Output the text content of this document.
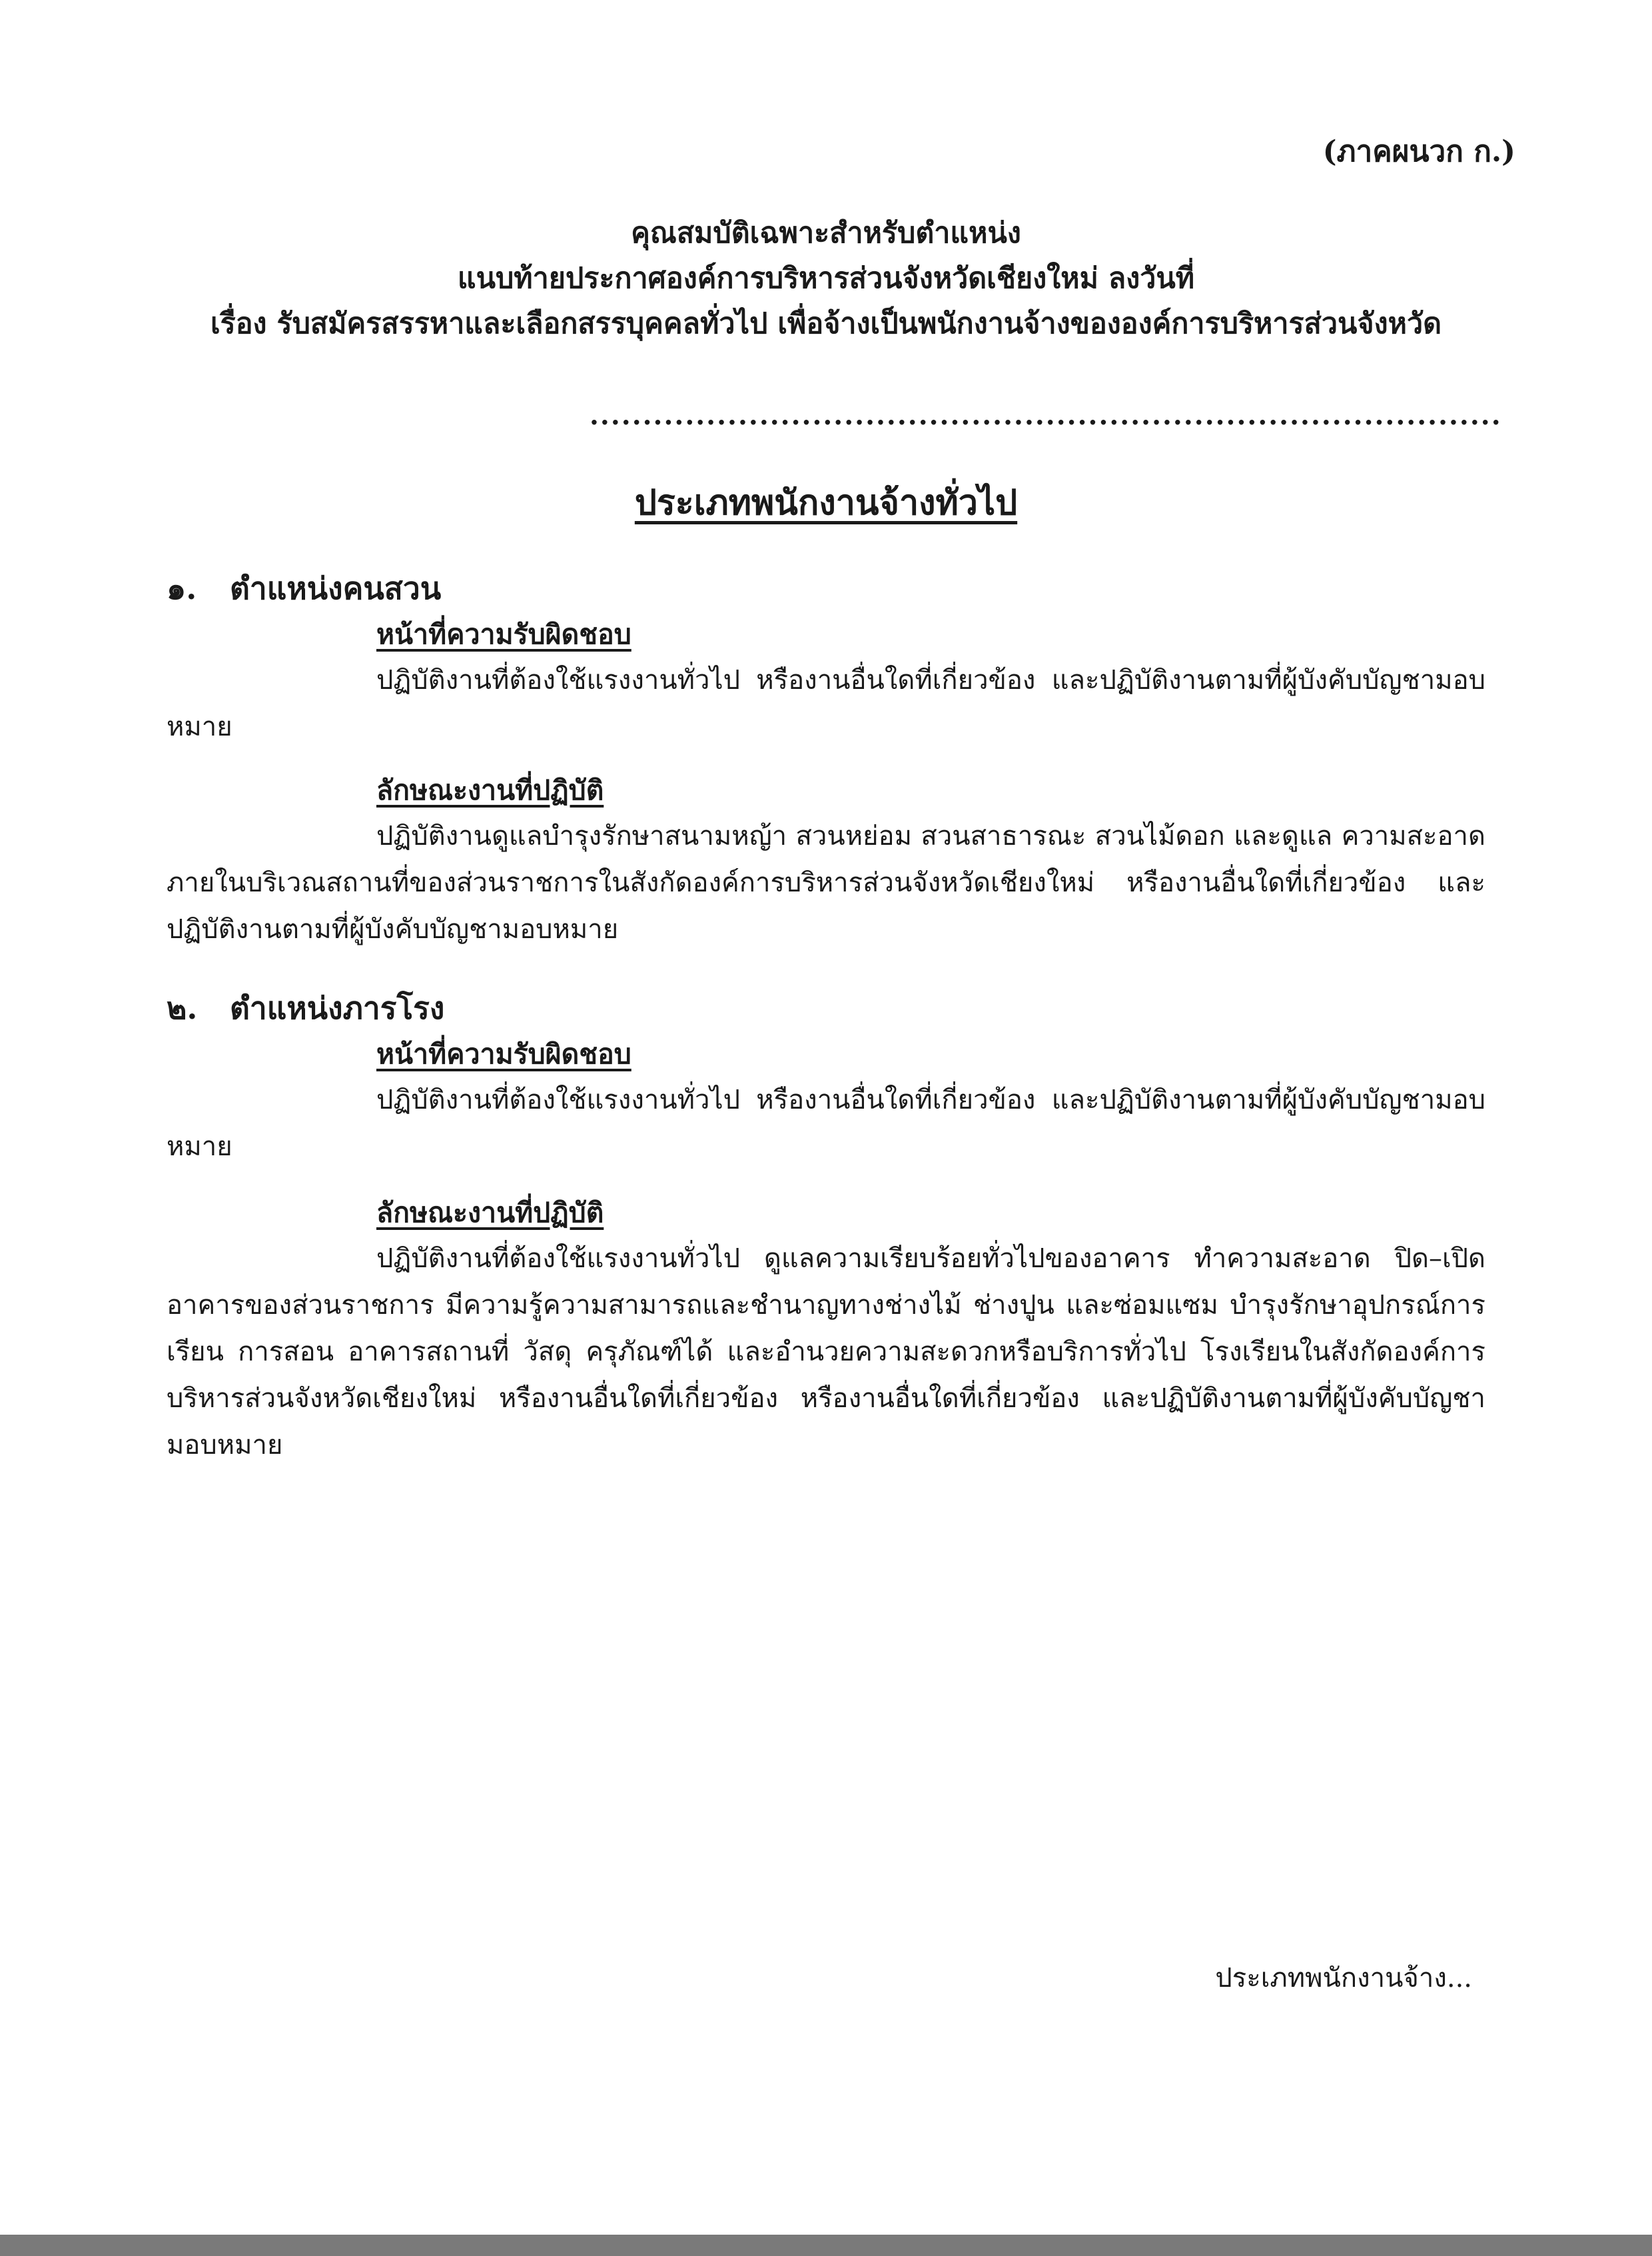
(ภาคผนวก ก.)
คุณสมบัติเฉพาะสำหรับตำแหน่ง
แนบท้ายประกาศองค์การบริหารส่วนจังหวัดเชียงใหม่ ลงวันที่
เรื่อง รับสมัครสรรหาและเลือกสรรบุคคลทั่วไป เพื่อจ้างเป็นพนักงานจ้างขององค์การบริหารส่วนจังหวัด
......................................................................................
ประเภทพนักงานจ้างทั่วไป
๑. ตำแหน่งคนสวน
หน้าที่ความรับผิดชอบ

ปฏิบัติงานที่ต้องใช้แรงงานทั่วไป หรืองานอื่นใดที่เกี่ยวข้อง และปฏิบัติงานตามที่ผู้บังคับบัญชามอบหมาย

ลักษณะงานที่ปฏิบัติ

ปฏิบัติงานดูแลบำรุงรักษาสนามหญ้า สวนหย่อม สวนสาธารณะ สวนไม้ดอก และดูแล ความสะอาดภายในบริเวณสถานที่ของส่วนราชการในสังกัดองค์การบริหารส่วนจังหวัดเชียงใหม่ หรืองานอื่นใดที่เกี่ยวข้อง และปฏิบัติงานตามที่ผู้บังคับบัญชามอบหมาย

๒. ตำแหน่งภารโรง
หน้าที่ความรับผิดชอบ

ปฏิบัติงานที่ต้องใช้แรงงานทั่วไป หรืองานอื่นใดที่เกี่ยวข้อง และปฏิบัติงานตามที่ผู้บังคับบัญชามอบหมาย

ลักษณะงานที่ปฏิบัติ

ปฏิบัติงานที่ต้องใช้แรงงานทั่วไป ดูแลความเรียบร้อยทั่วไปของอาคาร ทำความสะอาด ปิด–เปิดอาคารของส่วนราชการ มีความรู้ความสามารถและชำนาญทางช่างไม้ ช่างปูน และซ่อมแซม บำรุงรักษาอุปกรณ์การเรียน การสอน อาคารสถานที่ วัสดุ ครุภัณฑ์ได้ และอำนวยความสะดวกหรือบริการทั่วไป โรงเรียนในสังกัดองค์การบริหารส่วนจังหวัดเชียงใหม่ หรืองานอื่นใดที่เกี่ยวข้อง หรืองานอื่นใดที่เกี่ยวข้อง และปฏิบัติงานตามที่ผู้บังคับบัญชามอบหมาย

ประเภทพนักงานจ้าง...
